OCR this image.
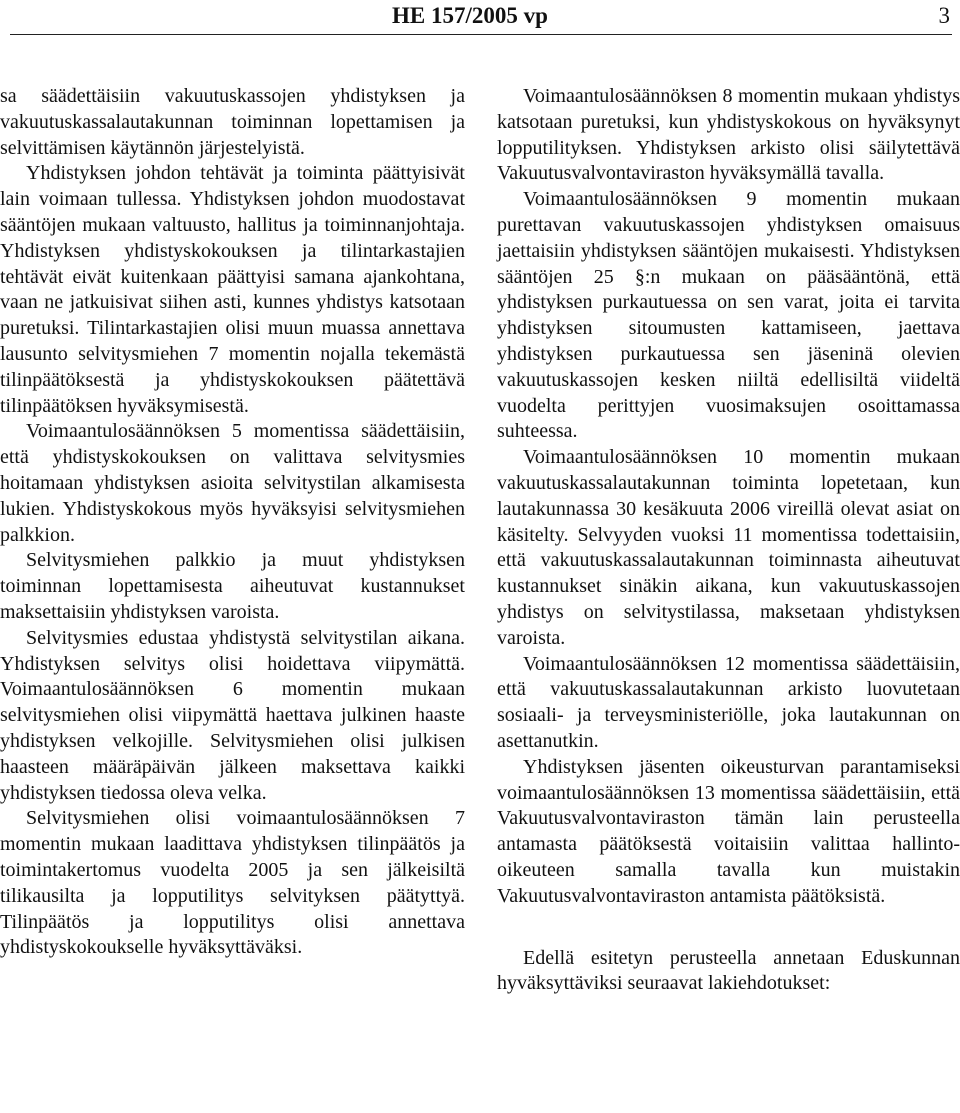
HE 157/2005 vp	3

sa säädettäisiin vakuutuskassojen yhdistyksen ja vakuutuskassalautakunnan toiminnan lopettamisen ja selvittämisen käytännön järjestelyistä.

Yhdistyksen johdon tehtävät ja toiminta päättyisivät lain voimaan tullessa. Yhdistyksen johdon muodostavat sääntöjen mukaan valtuusto, hallitus ja toiminnanjohtaja. Yhdistyksen yhdistyskokouksen ja tilintarkastajien tehtävät eivät kuitenkaan päättyisi samana ajankohtana, vaan ne jatkuisivat siihen asti, kunnes yhdistys katsotaan puretuksi. Tilintarkastajien olisi muun muassa annettava lausunto selvitysmiehen 7 momentin nojalla tekemästä tilinpäätöksestä ja yhdistyskokouksen päätettävä tilinpäätöksen hyväksymisestä.

Voimaantulosäännöksen 5 momentissa säädettäisiin, että yhdistyskokouksen on valittava selvitysmies hoitamaan yhdistyksen asioita selvitystilan alkamisesta lukien. Yhdistyskokous myös hyväksyisi selvitysmiehen palkkion.

Selvitysmiehen palkkio ja muut yhdistyksen toiminnan lopettamisesta aiheutuvat kustannukset maksettaisiin yhdistyksen varoista.

Selvitysmies edustaa yhdistystä selvitystilan aikana. Yhdistyksen selvitys olisi hoidettava viipymättä. Voimaantulosäännöksen 6 momentin mukaan selvitysmiehen olisi viipymättä haettava julkinen haaste yhdistyksen velkojille. Selvitysmiehen olisi julkisen haasteen määräpäivän jälkeen maksettava kaikki yhdistyksen tiedossa oleva velka.

Selvitysmiehen olisi voimaantulosäännöksen 7 momentin mukaan laadittava yhdistyksen tilinpäätös ja toimintakertomus vuodelta 2005 ja sen jälkeisiltä tilikausilta ja lopputilitys selvityksen päätyttyä. Tilinpäätös ja lopputilitys olisi annettava yhdistyskokoukselle hyväksyttäväksi.

Voimaantulosäännöksen 8 momentin mukaan yhdistys katsotaan puretuksi, kun yhdistyskokous on hyväksynyt lopputilityksen. Yhdistyksen arkisto olisi säilytettävä Vakuutusvalvontaviraston hyväksymällä tavalla.

Voimaantulosäännöksen 9 momentin mukaan purettavan vakuutuskassojen yhdistyksen omaisuus jaettaisiin yhdistyksen sääntöjen mukaisesti. Yhdistyksen sääntöjen 25 §:n mukaan on pääsääntönä, että yhdistyksen purkautuessa on sen varat, joita ei tarvita yhdistyksen sitoumusten kattamiseen, jaettava yhdistyksen purkautuessa sen jäseninä olevien vakuutuskassojen kesken niiltä edellisiltä viideltä vuodelta perittyjen vuosimaksujen osoittamassa suhteessa.

Voimaantulosäännöksen 10 momentin mukaan vakuutuskassalautakunnan toiminta lopetetaan, kun lautakunnassa 30 kesäkuuta 2006 vireillä olevat asiat on käsitelty. Selvyyden vuoksi 11 momentissa todettaisiin, että vakuutuskassalautakunnan toiminnasta aiheutuvat kustannukset sinäkin aikana, kun vakuutuskassojen yhdistys on selvitystilassa, maksetaan yhdistyksen varoista.

Voimaantulosäännöksen 12 momentissa säädettäisiin, että vakuutuskassalautakunnan arkisto luovutetaan sosiaali- ja terveysministeriölle, joka lautakunnan on asettanutkin.

Yhdistyksen jäsenten oikeusturvan parantamiseksi voimaantulosäännöksen 13 momentissa säädettäisiin, että Vakuutusvalvontaviraston tämän lain perusteella antamasta päätöksestä voitaisiin valittaa hallinto-oikeuteen samalla tavalla kun muistakin Vakuutusvalvontaviraston antamista päätöksistä.

Edellä esitetyn perusteella annetaan Eduskunnan hyväksyttäviksi seuraavat lakiehdotukset:
